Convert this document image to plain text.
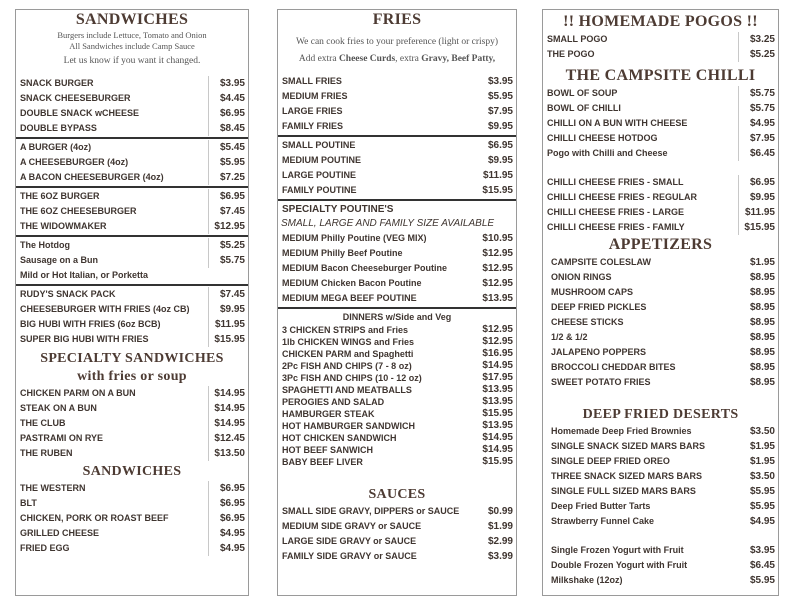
SANDWICHES
Burgers include Lettuce, Tomato and Onion
All Sandwiches include Camp Sauce
Let us know if you want it changed.
SNACK BURGER	$3.95
SNACK CHEESEBURGER	$4.45
DOUBLE SNACK wCHEESE	$6.95
DOUBLE BYPASS	$8.45
A BURGER (4oz)	$5.45
A CHEESEBURGER (4oz)	$5.95
A BACON CHEESEBURGER (4oz)	$7.25
THE 6OZ BURGER	$6.95
THE 6OZ CHEESEBURGER	$7.45
THE WIDOWMAKER	$12.95
The Hotdog	$5.25
Sausage on a Bun	$5.75
Mild or Hot Italian, or Porketta
RUDY'S SNACK PACK	$7.45
CHEESEBURGER WITH FRIES (4oz CB)	$9.95
BIG HUBI WITH FRIES (6oz BCB)	$11.95
SUPER BIG HUBI WITH FRIES	$15.95
SPECIALTY SANDWICHES
with fries or soup
CHICKEN PARM ON A BUN	$14.95
STEAK ON A BUN	$14.95
THE CLUB	$14.95
PASTRAMI ON RYE	$12.45
THE RUBEN	$13.50
SANDWICHES
THE WESTERN	$6.95
BLT	$6.95
CHICKEN, PORK OR ROAST BEEF	$6.95
GRILLED CHEESE	$4.95
FRIED EGG	$4.95
FRIES
We can cook fries to your preference (light or crispy)
Add extra Cheese Curds, extra Gravy, Beef Patty,
SMALL FRIES	$3.95
MEDIUM FRIES	$5.95
LARGE FRIES	$7.95
FAMILY FRIES	$9.95
SMALL POUTINE	$6.95
MEDIUM POUTINE	$9.95
LARGE POUTINE	$11.95
FAMILY POUTINE	$15.95
SPECIALTY POUTINE'S
SMALL, LARGE AND FAMILY SIZE AVAILABLE
MEDIUM Philly Poutine (VEG MIX)	$10.95
MEDIUM Philly Beef Poutine	$12.95
MEDIUM Bacon Cheeseburger Poutine	$12.95
MEDIUM Chicken Bacon Poutine	$12.95
MEDIUM MEGA BEEF POUTINE	$13.95
DINNERS w/Side and Veg
3 CHICKEN STRIPS and Fries	$12.95
1lb CHICKEN WINGS and Fries	$12.95
CHICKEN PARM and Spaghetti	$16.95
2Pc FISH AND CHIPS (7 - 8 oz)	$14.95
3Pc FISH AND CHIPS (10 - 12 oz)	$17.95
SPAGHETTI AND MEATBALLS	$13.95
PEROGIES AND SALAD	$13.95
HAMBURGER STEAK	$15.95
HOT HAMBURGER SANDWICH	$13.95
HOT CHICKEN SANDWICH	$14.95
HOT BEEF SANWICH	$14.95
BABY BEEF LIVER	$15.95
SAUCES
SMALL SIDE GRAVY, DIPPERS or SAUCE	$0.99
MEDIUM SIDE GRAVY or SAUCE	$1.99
LARGE SIDE GRAVY or SAUCE	$2.99
FAMILY SIDE GRAVY or SAUCE	$3.99
!! HOMEMADE POGOS !!
SMALL POGO	$3.25
THE POGO	$5.25
THE CAMPSITE CHILLI
BOWL OF SOUP	$5.75
BOWL OF CHILLI	$5.75
CHILLI ON A BUN WITH CHEESE	$4.95
CHILLI CHEESE HOTDOG	$7.95
Pogo with Chilli and Cheese	$6.45
CHILLI CHEESE FRIES - SMALL	$6.95
CHILLI CHEESE FRIES - REGULAR	$9.95
CHILLI CHEESE FRIES - LARGE	$11.95
CHILLI CHEESE FRIES - FAMILY	$15.95
APPETIZERS
CAMPSITE COLESLAW	$1.95
ONION RINGS	$8.95
MUSHROOM CAPS	$8.95
DEEP FRIED PICKLES	$8.95
CHEESE STICKS	$8.95
1/2 & 1/2	$8.95
JALAPENO POPPERS	$8.95
BROCCOLI CHEDDAR BITES	$8.95
SWEET POTATO FRIES	$8.95
DEEP FRIED DESERTS
Homemade Deep Fried Brownies	$3.50
SINGLE SNACK SIZED MARS BARS	$1.95
SINGLE DEEP FRIED OREO	$1.95
THREE SNACK SIZED MARS BARS	$3.50
SINGLE FULL SIZED MARS BARS	$5.95
Deep Fried Butter Tarts	$5.95
Strawberry Funnel Cake	$4.95
Single Frozen Yogurt with Fruit	$3.95
Double Frozen Yogurt with Fruit	$6.45
Milkshake (12oz)	$5.95
